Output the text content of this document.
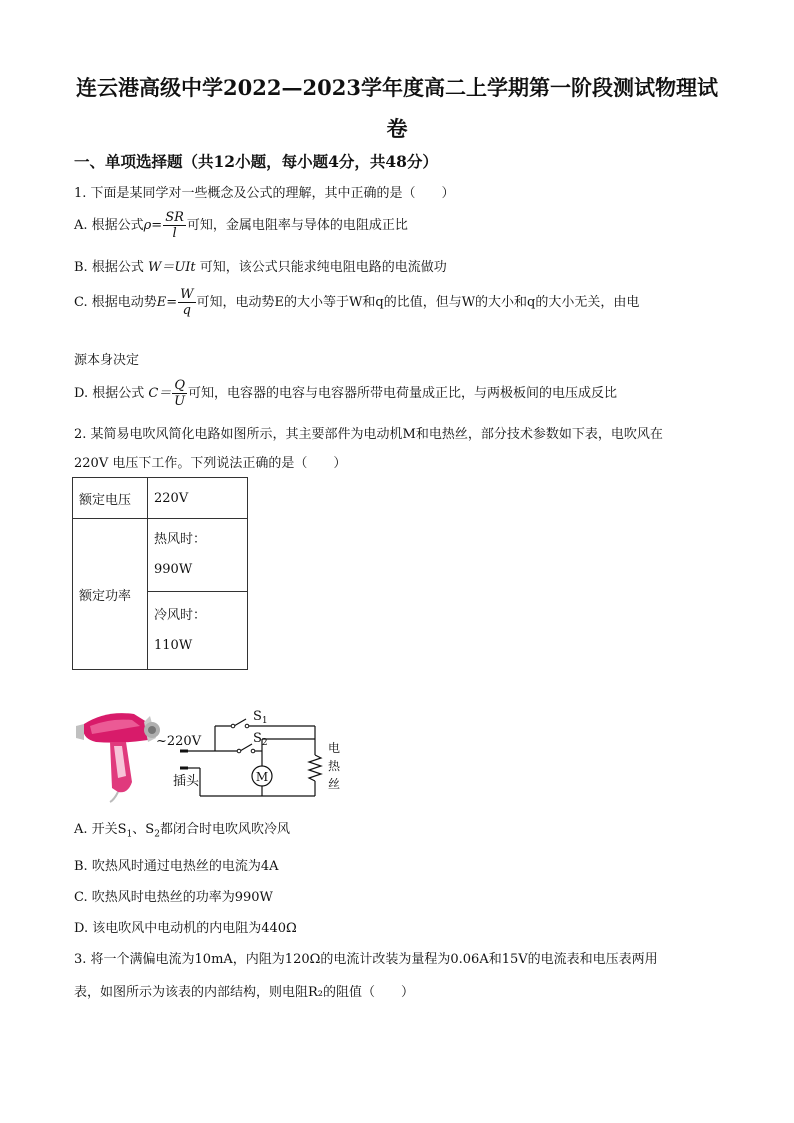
连云港高级中学2022—2023学年度高二上学期第一阶段测试物理试
卷
一、单项选择题（共12小题，每小题4分，共48分）
1. 下面是某同学对一些概念及公式的理解，其中正确的是（　　）
A. 根据公式$\rho= \frac{SR}{l}$ 可知，金属电阻率与导体的电阻成正比
B. 根据公式 W＝UIt 可知，该公式只能求纯电阻电路的电流做功
C. 根据电动势$E= \frac{W}{q}$ 可知，电动势E的大小等于W和q的比值，但与W的大小和q的大小无关，由电
源本身决定
D. 根据公式 $C= \frac{Q}{U}$ 可知，电容器的电容与电容器所带电荷量成正比，与两极板间的电压成反比
2. 某简易电吹风简化电路如图所示，其主要部件为电动机M和电热丝，部分技术参数如下表，电吹风在
220V 电压下工作。下列说法正确的是（　　）
额定电压	220V
额定功率	热风时：
990W

	冷风时：
110W
~220V
插头
$S_1$
$S_2$
M
电
热
丝
A. 开关$S_1$、$S_2$都闭合时电吹风吹冷风
B. 吹热风时通过电热丝的电流为4A
C. 吹热风时电热丝的功率为990W
D. 该电吹风中电动机的内电阻为440Ω
3. 将一个满偏电流为10mA，内阻为120Ω的电流计改装为量程为0.06A和15V的电流表和电压表两用
表，如图所示为该表的内部结构，则电阻R₂的阻值（　　）
